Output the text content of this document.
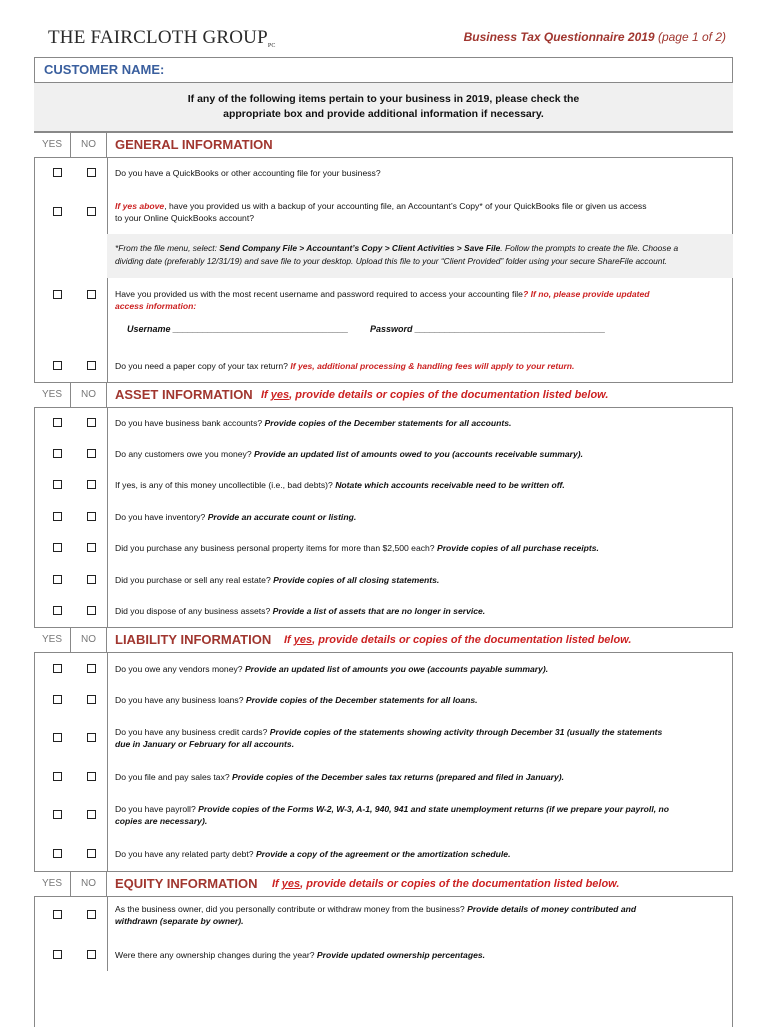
THE FAIRCLOTH GROUPPC
Business Tax Questionnaire 2019 (page 1 of 2)
CUSTOMER NAME:
If any of the following items pertain to your business in 2019, please check the
appropriate box and provide additional information if necessary.
YES	NO	GENERAL INFORMATION
Do you have a QuickBooks or other accounting file for your business?
If yes above, have you provided us with a backup of your accounting file, an Accountant’s Copy* of your QuickBooks file or given us access
to your Online QuickBooks account?
*From the file menu, select: Send Company File > Accountant’s Copy > Client Activities > Save File. Follow the prompts to create the file. Choose a
dividing date (preferably 12/31/19) and save file to your desktop. Upload this file to your “Client Provided” folder using your secure ShareFile account.
Have you provided us with the most recent username and password required to access your accounting file? If no, please provide updated
access information:
Username ___________________________________ Password ______________________________________
Do you need a paper copy of your tax return? If yes, additional processing & handling fees will apply to your return.
YES	NO	ASSET INFORMATION If yes, provide details or copies of the documentation listed below.
Do you have business bank accounts? Provide copies of the December statements for all accounts.
Do any customers owe you money? Provide an updated list of amounts owed to you (accounts receivable summary).
If yes, is any of this money uncollectible (i.e., bad debts)? Notate which accounts receivable need to be written off.
Do you have inventory? Provide an accurate count or listing.
Did you purchase any business personal property items for more than $2,500 each? Provide copies of all purchase receipts.
Did you purchase or sell any real estate? Provide copies of all closing statements.
Did you dispose of any business assets? Provide a list of assets that are no longer in service.
YES	NO	LIABILITY INFORMATION If yes, provide details or copies of the documentation listed below.
Do you owe any vendors money? Provide an updated list of amounts you owe (accounts payable summary).
Do you have any business loans? Provide copies of the December statements for all loans.
Do you have any business credit cards? Provide copies of the statements showing activity through December 31 (usually the statements
due in January or February for all accounts.
Do you file and pay sales tax? Provide copies of the December sales tax returns (prepared and filed in January).
Do you have payroll? Provide copies of the Forms W-2, W-3, A-1, 940, 941 and state unemployment returns (if we prepare your payroll, no
copies are necessary).
Do you have any related party debt? Provide a copy of the agreement or the amortization schedule.
YES	NO	EQUITY INFORMATION If yes, provide details or copies of the documentation listed below.
As the business owner, did you personally contribute or withdraw money from the business? Provide details of money contributed and
withdrawn (separate by owner).
Were there any ownership changes during the year? Provide updated ownership percentages.
